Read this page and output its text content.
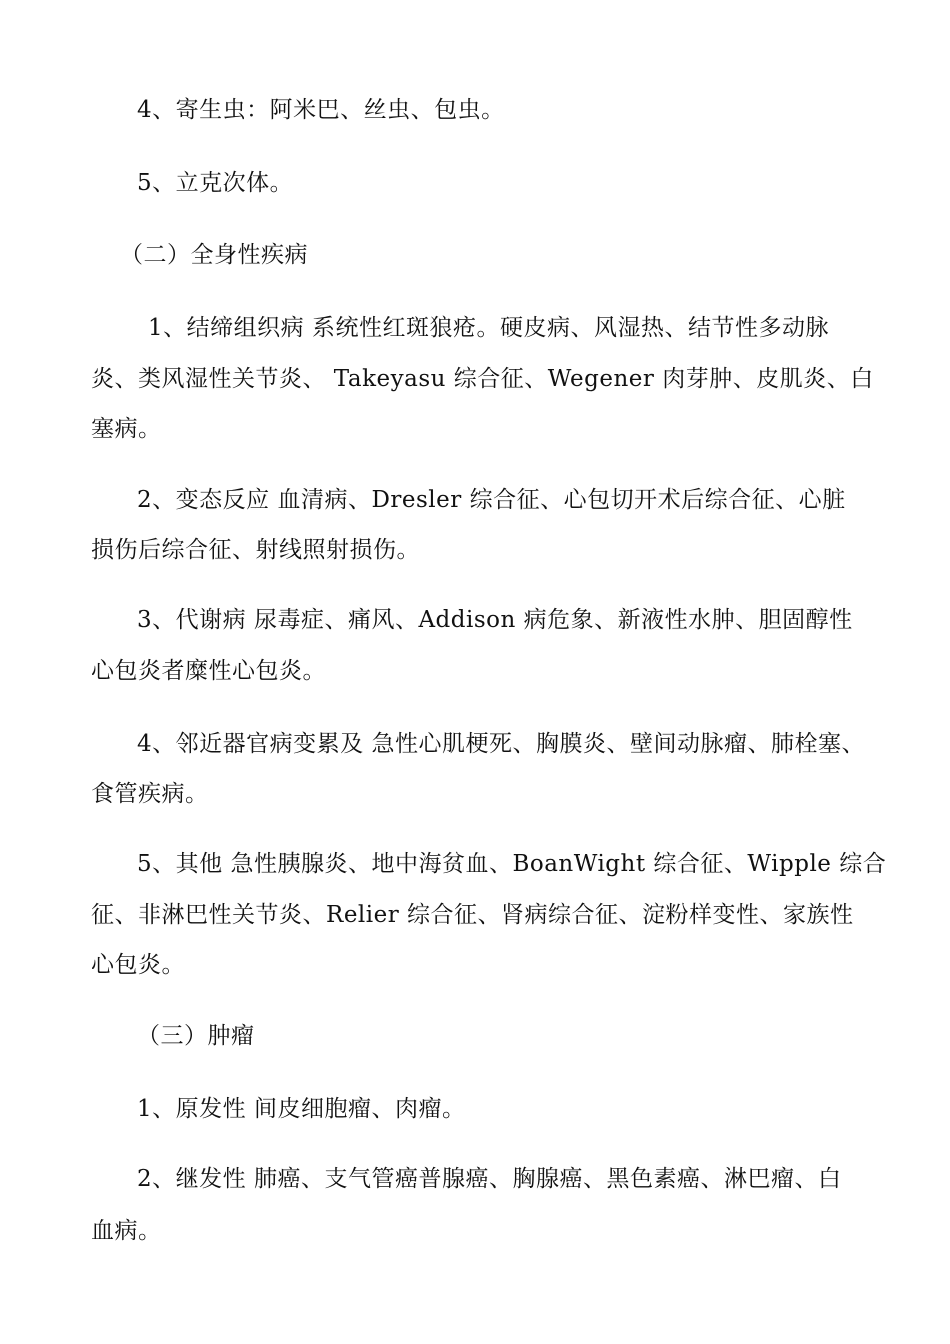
4、寄生虫：阿米巴、丝虫、包虫。
5、立克次体。
（二）全身性疾病
1、结缔组织病 系统性红斑狼疮。硬皮病、风湿热、结节性多动脉
炎、类风湿性关节炎、 Takeyasu 综合征、Wegener 肉芽肿、皮肌炎、白
塞病。
2、变态反应 血清病、Dresler 综合征、心包切开术后综合征、心脏
损伤后综合征、射线照射损伤。
3、代谢病 尿毒症、痛风、Addison 病危象、新液性水肿、胆固醇性
心包炎者糜性心包炎。
4、邻近器官病变累及 急性心肌梗死、胸膜炎、壁间动脉瘤、肺栓塞、
食管疾病。
5、其他 急性胰腺炎、地中海贫血、BoanWight 综合征、Wipple 综合
征、非淋巴性关节炎、Relier 综合征、肾病综合征、淀粉样变性、家族性
心包炎。
（三）肿瘤
1、原发性 间皮细胞瘤、肉瘤。
2、继发性 肺癌、支气管癌普腺癌、胸腺癌、黑色素癌、淋巴瘤、白
血病。
